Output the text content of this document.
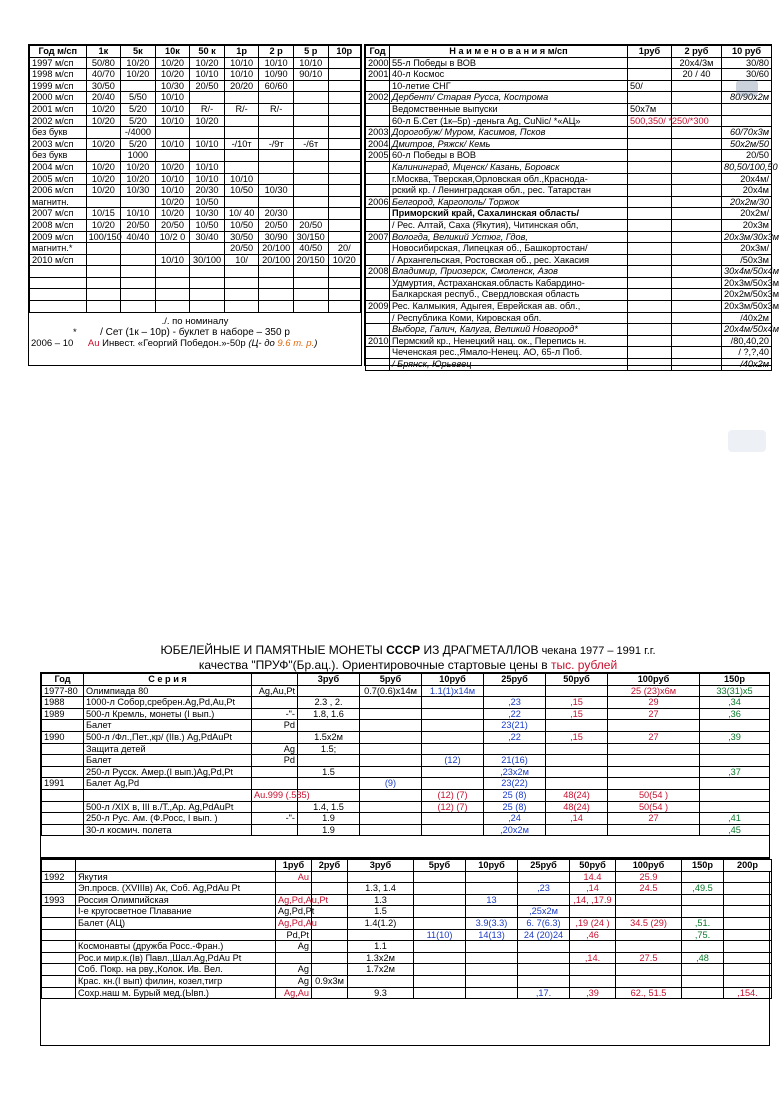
Год м/сп	1к	5к	10к	50 к	1р	2 р	5 р	10р
1997 м/сп	50/80	10/20	10/20	10/20	10/10	10/10	10/10	
1998 м/сп	40/70	10/20	10/20	10/10	10/10	10/90	90/10	
1999 м/сп	30/50		10/30	20/50	20/20	60/60		
2000 м/сп	20/40	5/50	10/10					
2001 м/сп	10/20	5/20	10/10	R/-	R/-	R/-		
2002 м/сп	10/20	5/20	10/10	10/20				
без букв		-/4000						
2003 м/сп	10/20	5/20	10/10	10/10	-/10т	-/9т	-/6т	
без букв		1000						
2004 м/сп	10/20	10/20	10/20	10/10				
2005 м/сп	10/20	10/20	10/10	10/10	10/10			
2006 м/сп	10/20	10/30	10/10	20/30	10/50	10/30		
магнитн.			10/20	10/50				
2007 м/сп	10/15	10/10	10/20	10/30	10/ 40	20/30		
2008 м/сп	10/20	20/50	20/50	10/50	10/50	20/50	20/50	
2009 м/сп	100/150	40/40	10/2 0	30/40	30/50	30/90	30/150	
магнитн.*					20/50	20/100	40/50	20/
2010 м/сп			10/10	30/100	10/	20/100	20/150	10/20

./. по номиналу
* / Сет (1к – 10р) - буклет в наборе – 350 р
2006 – 10 Au Инвест. «Георгий Победон.»-50р (Ц- до 9.6 т. р.)
Год	Н а и м е н о в а н и я м/сп	1руб	2 руб	10 руб
2000	55-л Победы в ВОВ		20x4/3м	30/80
2001	40-л Космос		20 / 40	30/60
	10-летие СНГ	50/		
2002	Дербент/ Старая Русса, Кострома			80/90x2м
	Ведомственные выпуски	50x7м		
	60-л Б.Сет (1к–5р) -деньга Ag, CuNic/ *«АЦ»	500,350/ *250/*300		
2003	Дорогобуж/ Муром, Касимов, Псков			60/70x3м
2004	Дмитров, Ряжск/ Кемь			50x2м/50
2005	60-л Победы в ВОВ			20/50
	Калининград, Мценск/ Казань, Боровск			80,50/100,50
	г.Москва, Тверская,Орловская обл.,Краснода-			20x4м/
	рский кр. / Ленинградская обл., рес. Татарстан			20x4м
2006	Белгород, Каргополь/ Торжок			20x2м/30
	Приморский край, Сахалинская область/			20x2м/
	/ Рес. Алтай, Саха (Якутия), Читинская обл,			20x3м
2007	Вологда, Великий Устюг, Гдов,			20x3м/30x3м
	Новосибирская, Липецкая об., Башкортостан/			20x3м/
	/ Архангельская, Ростовская об., рес. Хакасия			/50x3м
2008	Владимир, Приозерск, Смоленск, Азов			30x4м/50x4м
	Удмуртия, Астраханская.область Кабардино-			20x3м/50x3м
	Балкарская респуб., Свердловская область			20x2м/50x3м
2009	Рес. Калмыкия, Адыгея, Еврейская ав. обл.,			20x3м/50x3м
	/ Республика Коми, Кировская обл.			/40x2м
	Выборг, Галич, Калуга, Великий Новгород*			20x4м/50x4м
2010	Пермский кр., Ненецкий нац. ок., Перепись н.			/80,40,20
	Чеченская рес.,Ямало-Ненец. АО, 65-л Поб.			/ ?,?,40
	/ Брянск, Юрьевец			/40x2м
ЮБЕЛЕЙНЫЕ И ПАМЯТНЫЕ МОНЕТЫ СССР ИЗ ДРАГМЕТАЛЛОВ чекана 1977 – 1991 г.г.
качества "ПРУФ"(Бр.ац.). Ориентировочные стартовые цены в тыс. рублей
Год	С е р и я		3руб	5руб	10руб	25руб	50руб	100руб	150р
1977-80	Олимпиада 80	Ag,Au,Pt		0.7(0.6)x14м	1.1(1)x14м			25 (23)x6м	33(31)x5
1988	1000-л Собор,сребрен.Ag,Pd,Au,Pt		2.3 , 2.			,23	,15	29	,34
1989	500-л Кремль, монеты (I вып.)	-"-	1.8, 1.6			,22	,15	27	,36
	Балет	Pd				23(21)			
1990	500-л /Фл.,Пет.,кр/ (IIв.) Ag,PdAuPt		1.5x2м			,22	,15	27	,39
	Защита детей	Ag	1.5;						
	Балет	Pd			(12)	21(16)			
	250-л Русск. Амер.(I вып.)Ag,Pd,Pt		1.5			,23x2м			,37
1991	Балет Ag,Pd			(9)		23(22)			
		Au.999 (.585)			(12) (7)	25 (8)	48(24)	50(54 )	
	500-л /XIX в, III в./Т.,Ар. Ag,PdAuPt		1.4, 1.5		(12) (7)	25 (8)	48(24)	50(54 )	
	250-л Рус. Ам. (Ф.Росс, I вып. )	-"-	1.9			,24	,14	27	,41
	30-л космич. полета		1.9			,20x2м			,45
		1руб	2руб	3руб	5руб	10руб	25руб	50руб	100руб	150р	200р
1992	Якутия	Au						14.4	25.9		
	Эп.просв. (XVIIIв) Ак, Соб. Ag,PdAu Pt			1.3, 1.4			,23	,14	24.5	,49.5	
1993	Россия Олимпийская	Ag,Pd,Au,Pt		1.3		13		,14, ,17.9			
	I-е кругосветное Плавание	Ag,Pd,Pt		1.5			,25x2м				
	Балет (АЦ)	Ag,Pd,Au		1.4(1.2)		3.9(3.3)	6. 7(6.3)	,19 (24 )	34.5 (29)	,51.	
		Pd,Pt			11(10)	14(13)	24 (20)24	,46		,75.	
	Космонавты (дружба Росс.-Фран.)	Ag		1.1							
	Рос.и мир.к.(Iв) Павл.,Шал.Ag,PdAu Pt			1.3x2м				,14.	27.5	,48	
	Соб. Покр. на рву.,Колок. Ив. Вел.	Ag		1.7x2м							
	Крас. кн.(I вып) филин, козел,тигр	Ag	0.9x3м								
	Сохр.наш м. Бурый мед.(Ывп.)	Ag,Au		9.3			,17.	,39	62., 51.5		,154.
